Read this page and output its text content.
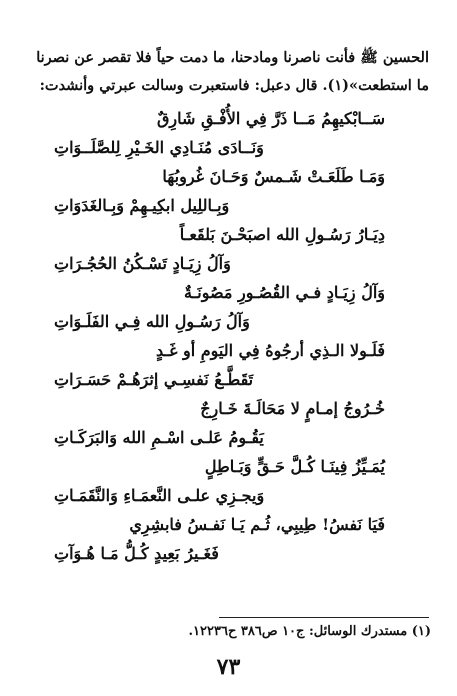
الحسين ﷺ فأنت ناصرنا ومادحنا، ما دمت حياً فلا تقصر عن نصرنا

ما استطعت»(١). قال دعبل: فاستعبرت وسالت عبرتي وأنشدت:

سَــابْكيهِمُ مَــا ذَرَّ فِي الأُفْـقِ شَارِقٌ
وَنَــادَى مُنَـادِي الخَـيْرِ لِلصَّلَــوَاتِ
وَمَـا طَلَعَـتْ شَـمسٌ وَحَـانَ غُروبُهَا
وَبِـاللِيل ابكِيـهِمْ وَبِـالغَدَوَاتِ
دِيَـارُ رَسُـولِ الله اصبَحْـنَ بَلقَعـاً
وَآلُ زِيَـادٍ تَسْـكُنُ الحُجُـرَاتِ
وَآلُ زِيَـادٍ فـي القُصُـورِ مَصُونَـةٌ
وَآلُ رَسُـولِ الله فِـي الفَلَـوَاتِ
فَلَـولا الـذِي أرجُوهُ فِي اليَومِ أو غَـدٍ
تَقَطَّـعُ نَفسِـي إثرَهُـمْ حَسَـرَاتِ
خُـرُوجُ إمـامٍ لا مَحَالَـةَ خَـارِجٌ
يَقُـومُ عَلـى اسْـمِ الله وَالبَرَكَـاتِ
يُمَـيِّزُ فِينَـا كُـلَّ حَـقٍّ وَبَـاطِلٍ
وَيجـزِي علـى النَّعمَـاءِ وَالنَّقَمَـاتِ
فَيَا نَفسُ! طِيبِي، ثُـم يَـا نَفـسُ فابشِرِي
فَغَـيرُ بَعِيدٍ كُـلُّ مَـا هُـوَآتِ
(١) مستدرك الوسائل: ج١٠ ص٣٨٦ ح١٢٢٣٦.
٧٣
